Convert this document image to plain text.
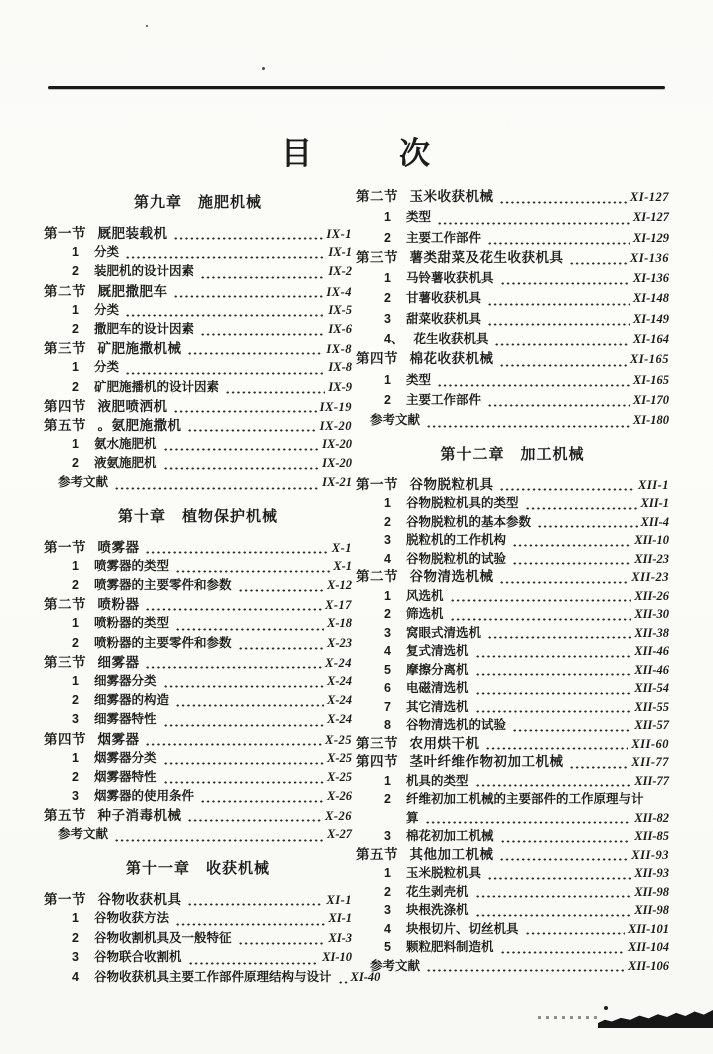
目 次
第九章　施肥机械
第一节 厩肥装载机	IX-1
1	分类	IX-1
2	装肥机的设计因素	IX-2
第二节 厩肥撒肥车	IX-4
1	分类	IX-5
2	撒肥车的设计因素	IX-6
第三节 矿肥施撒机械	IX-8
1	分类	IX-8
2	矿肥施播机的设计因素	IX-9
第四节 液肥喷洒机	IX-19
第五节 。氨肥施撒机	IX-20
1	氨水施肥机	IX-20
2	液氨施肥机	IX-20
参考文献	IX-21
第十章　植物保护机械
第一节 喷雾器	X-1
1	喷雾器的类型	X-1
2	喷雾器的主要零件和参数	X-12
第二节 喷粉器	X-17
1	喷粉器的类型	X-18
2	喷粉器的主要零件和参数	X-23
第三节 细雾器	X-24
1	细雾器分类	X-24
2	细雾器的构造	X-24
3	细雾器特性	X-24
第四节 烟雾器	X-25
1	烟雾器分类	X-25
2	烟雾器特性	X-25
3	烟雾器的使用条件	X-26
第五节 种子消毒机械	X-26
参考文献	X-27
第十一章　收获机械
第一节 谷物收获机具	XI-1
1	谷物收获方法	XI-1
2	谷物收割机具及一般特征	XI-3
3	谷物联合收割机	XI-10
4	谷物收获机具主要工作部件原理结构与设计 XI-40
第二节 玉米收获机械	XI-127
1	类型	XI-127
2	主要工作部件	XI-129
第三节 薯类甜菜及花生收获机具	XI-136
1	马铃薯收获机具	XI-136
2	甘薯收获机具	XI-148
3	甜菜收获机具	XI-149
4、 花生收获机具	XI-164
第四节 棉花收获机械	XI-165
1	类型	XI-165
2	主要工作部件	XI-170
参考文献	XI-180
第十二章　加工机械
第一节 谷物脱粒机具	XII-1
1	谷物脱粒机具的类型	XII-1
2	谷物脱粒机的基本参数	XII-4
3	脱粒机的工作机构	XII-10
4	谷物脱粒机的试验	XII-23
第二节 谷物清选机械	XII-23
1	风选机	XII-26
2	筛选机	XII-30
3	窝眼式清选机	XII-38
4	复式清选机	XII-46
5	摩擦分离机	XII-46
6	电磁清选机	XII-54
7	其它清选机	XII-55
8	谷物清选机的试验	XII-57
第三节 农用烘干机	XII-60
第四节 茎叶纤维作物初加工机械	XII-77
1	机具的类型	XII-77
2	纤维初加工机械的主要部件的工作原理与计
算	XII-82
3	棉花初加工机械	XII-85
第五节 其他加工机械	XII-93
1	玉米脱粒机具	XII-93
2	花生剥壳机	XII-98
3	块根洗涤机	XII-98
4	块根切片、切丝机具	XII-101
5	颗粒肥料制造机	XII-104
参考文献	XII-106
